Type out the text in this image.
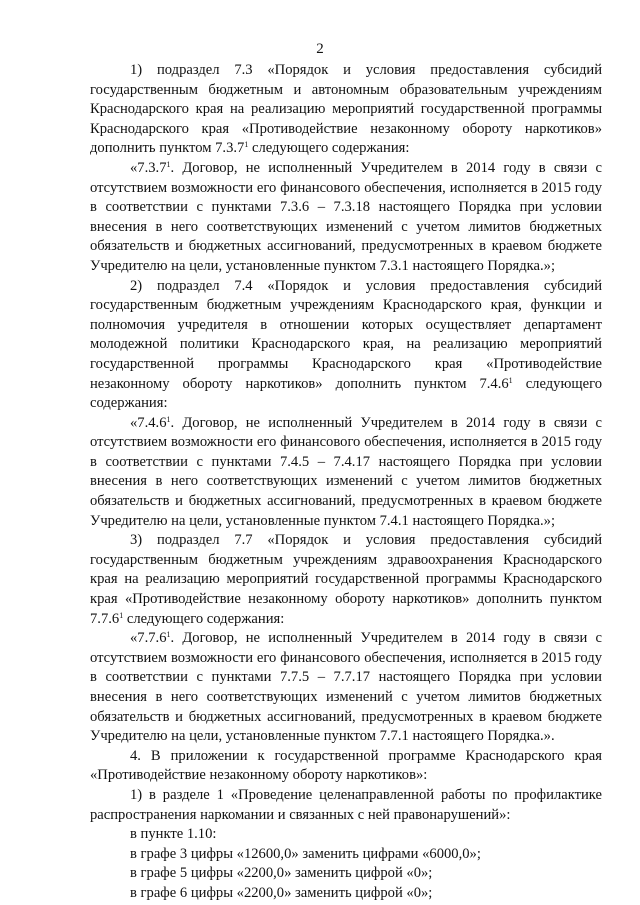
2

1) подраздел 7.3 «Порядок и условия предоставления субсидий государственным бюджетным и автономным образовательным учреждениям Краснодарского края на реализацию мероприятий государственной программы Краснодарского края «Противодействие незаконному обороту наркотиков» дополнить пунктом 7.3.7$^1$ следующего содержания:

«7.3.7$^1$. Договор, не исполненный Учредителем в 2014 году в связи с отсутствием возможности его финансового обеспечения, исполняется в 2015 году в соответствии с пунктами 7.3.6 – 7.3.18 настоящего Порядка при условии внесения в него соответствующих изменений с учетом лимитов бюджетных обязательств и бюджетных ассигнований, предусмотренных в краевом бюджете Учредителю на цели, установленные пунктом 7.3.1 настоящего Порядка.»;

2) подраздел 7.4 «Порядок и условия предоставления субсидий государственным бюджетным учреждениям Краснодарского края, функции и полномочия учредителя в отношении которых осуществляет департамент молодежной политики Краснодарского края, на реализацию мероприятий государственной программы Краснодарского края «Противодействие незаконному обороту наркотиков» дополнить пунктом 7.4.6$^1$ следующего содержания:

«7.4.6$^1$. Договор, не исполненный Учредителем в 2014 году в связи с отсутствием возможности его финансового обеспечения, исполняется в 2015 году в соответствии с пунктами 7.4.5 – 7.4.17 настоящего Порядка при условии внесения в него соответствующих изменений с учетом лимитов бюджетных обязательств и бюджетных ассигнований, предусмотренных в краевом бюджете Учредителю на цели, установленные пунктом 7.4.1 настоящего Порядка.»;

3) подраздел 7.7 «Порядок и условия предоставления субсидий государственным бюджетным учреждениям здравоохранения Краснодарского края на реализацию мероприятий государственной программы Краснодарского края «Противодействие незаконному обороту наркотиков» дополнить пунктом 7.7.6$^1$ следующего содержания:

«7.7.6$^1$. Договор, не исполненный Учредителем в 2014 году в связи с отсутствием возможности его финансового обеспечения, исполняется в 2015 году в соответствии с пунктами 7.7.5 – 7.7.17 настоящего Порядка при условии внесения в него соответствующих изменений с учетом лимитов бюджетных обязательств и бюджетных ассигнований, предусмотренных в краевом бюджете Учредителю на цели, установленные пунктом 7.7.1 настоящего Порядка.».

4. В приложении к государственной программе Краснодарского края «Противодействие незаконному обороту наркотиков»:

1) в разделе 1 «Проведение целенаправленной работы по профилактике распространения наркомании и связанных с ней правонарушений»:

в пункте 1.10:

в графе 3 цифры «12600,0» заменить цифрами «6000,0»;

в графе 5 цифры «2200,0» заменить цифрой «0»;

в графе 6 цифры «2200,0» заменить цифрой «0»;
